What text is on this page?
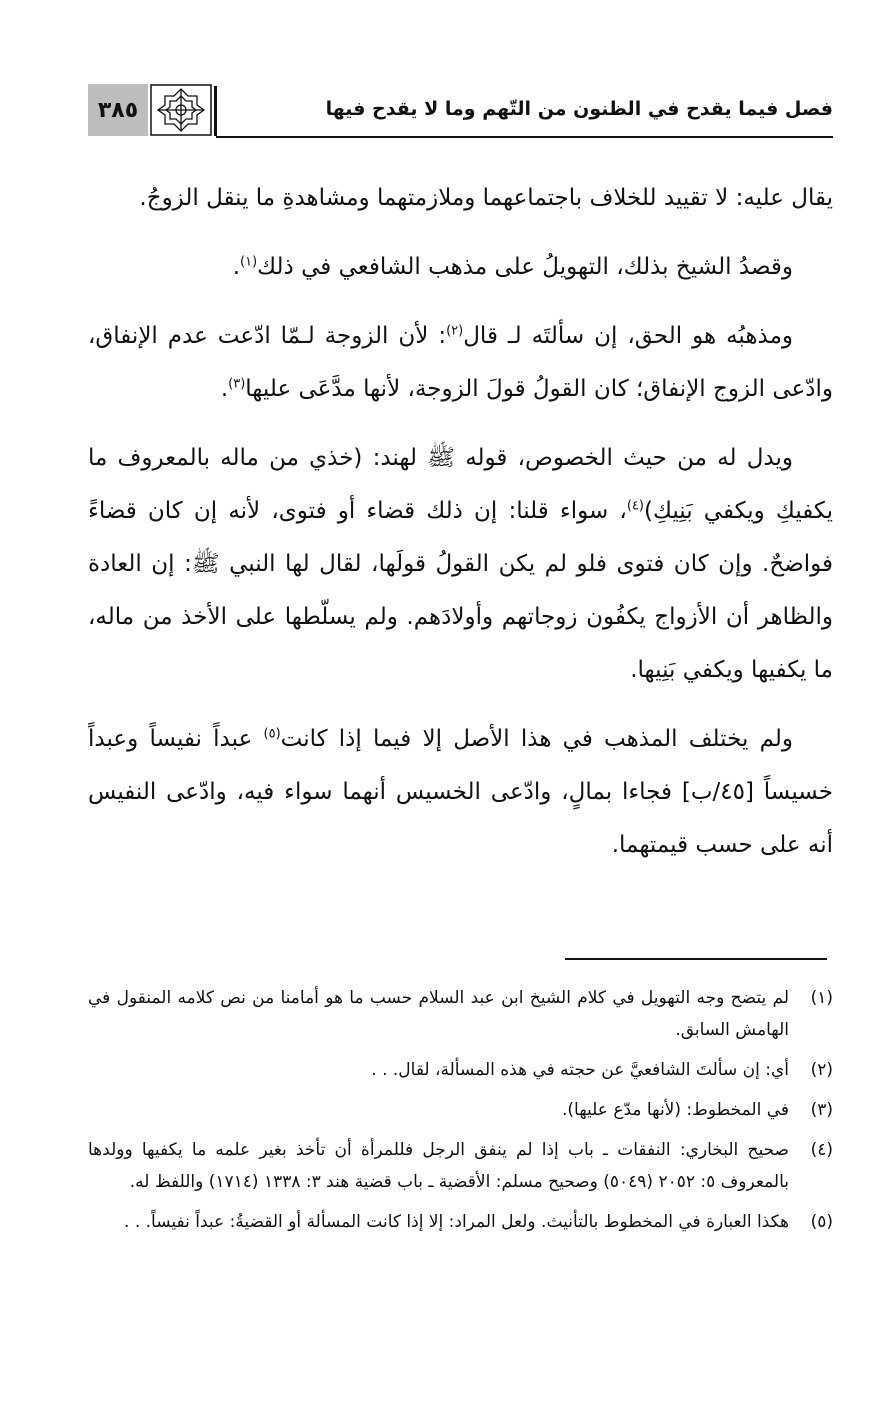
٣٨٥	فصل فيما يقدح في الظنون من التّهم وما لا يقدح فيها

يقال عليه: لا تقييد للخلاف باجتماعهما وملازمتهما ومشاهدةِ ما ينقل الزوجُ.

وقصدُ الشيخ بذلك، التهويلُ على مذهب الشافعي في ذلك$^{(١)}$.

ومذهبُه هو الحق، إن سألتَه لـ قال$^{(٢)}$: لأن الزوجة لـمّا ادّعت عدم الإنفاق، وادّعى الزوج الإنفاق؛ كان القولُ قولَ الزوجة، لأنها مدَّعَى عليها$^{(٣)}$.

ويدل له من حيث الخصوص، قوله ﷺ لهند: (خذي من ماله بالمعروف ما يكفيكِ ويكفي بَنِيكِ)$^{(٤)}$، سواء قلنا: إن ذلك قضاء أو فتوى، لأنه إن كان قضاءً فواضحٌ. وإن كان فتوى فلو لم يكن القولُ قولَها، لقال لها النبي ﷺ: إن العادة والظاهر أن الأزواج يكفُون زوجاتهم وأولادَهم. ولم يسلّطها على الأخذ من ماله، ما يكفيها ويكفي بَنِيها.

ولم يختلف المذهب في هذا الأصل إلا فيما إذا كانت$^{(٥)}$ عبداً نفيساً وعبداً خسيساً [٤٥/ب] فجاءا بمالٍ، وادّعى الخسيس أنهما سواء فيه، وادّعى النفيس أنه على حسب قيمتهما.

(١)
لم يتضح وجه التهويل في كلام الشيخ ابن عبد السلام حسب ما هو أمامنا من نص كلامه المنقول في الهامش السابق.
(٢)
أي: إن سألتَ الشافعيَّ عن حجته في هذه المسألة، لقال. . .
(٣)
في المخطوط: (لأنها مدّع عليها).
(٤)
صحيح البخاري: النفقات ـ باب إذا لم ينفق الرجل فللمرأة أن تأخذ بغير علمه ما يكفيها وولدها بالمعروف ٥: ٢٠٥٢ (٥٠٤٩) وصحيح مسلم: الأقضية ـ باب قضية هند ٣: ١٣٣٨ (١٧١٤) واللفظ له.
(٥)
هكذا العبارة في المخطوط بالتأنيث. ولعل المراد: إلا إذا كانت المسألة أو القضيةُ: عبداً نفيساً. . .
